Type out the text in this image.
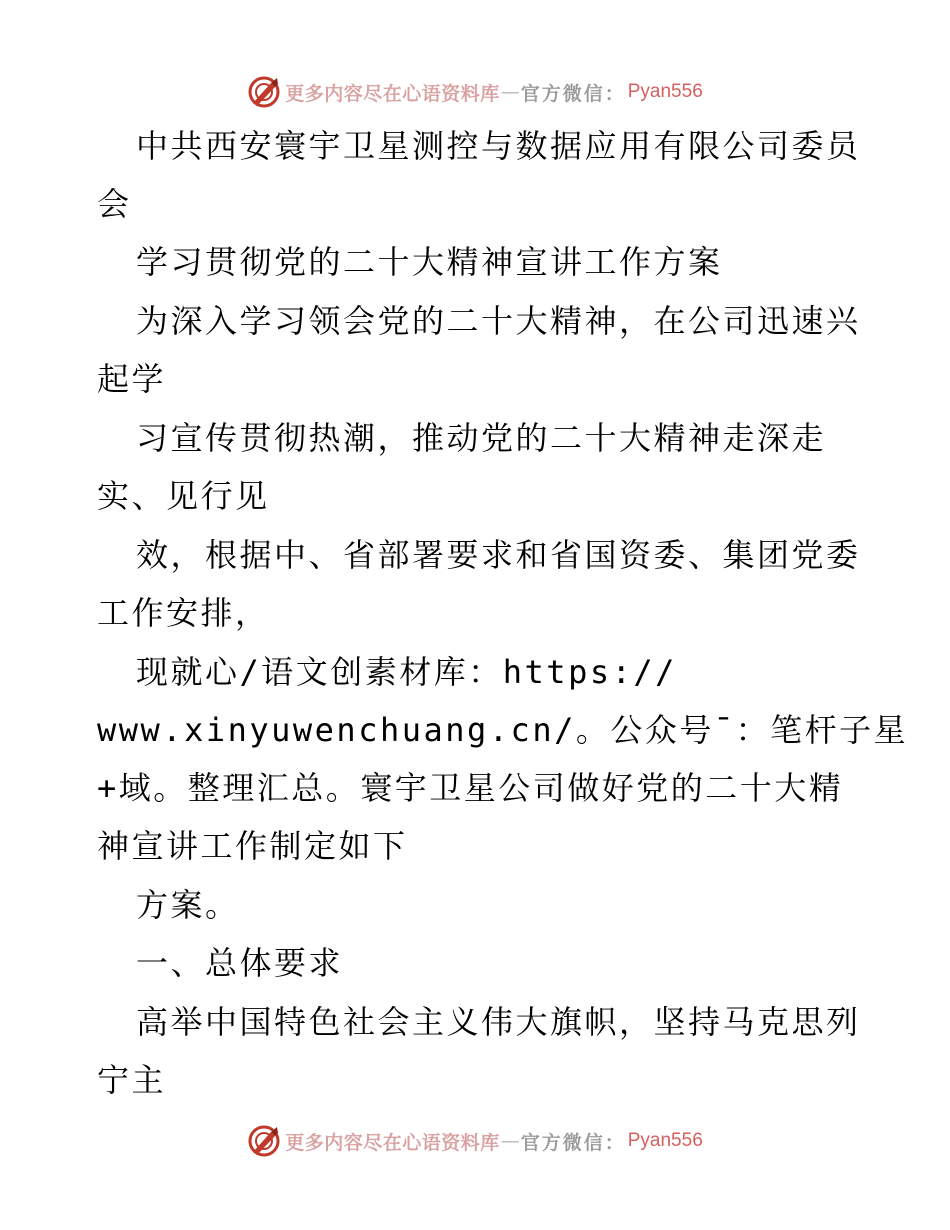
更多内容尽在心语资料库 — 官方微信： Pyan556
中共西安寰宇卫星测控与数据应用有限公司委员
会
学习贯彻党的二十大精神宣讲工作方案
为深入学习领会党的二十大精神，在公司迅速兴
起学
习宣传贯彻热潮，推动党的二十大精神走深走
实、见行见
效，根据中、省部署要求和省国资委、集团党委
工作安排，
现就心/语文创素材库：https://
www.xinyuwenchuang.cn/。公众号¯：笔杆子星
+域。整理汇总。寰宇卫星公司做好党的二十大精
神宣讲工作制定如下
方案。
一、总体要求
高举中国特色社会主义伟大旗帜，坚持马克思列
宁主
更多内容尽在心语资料库 — 官方微信： Pyan556
